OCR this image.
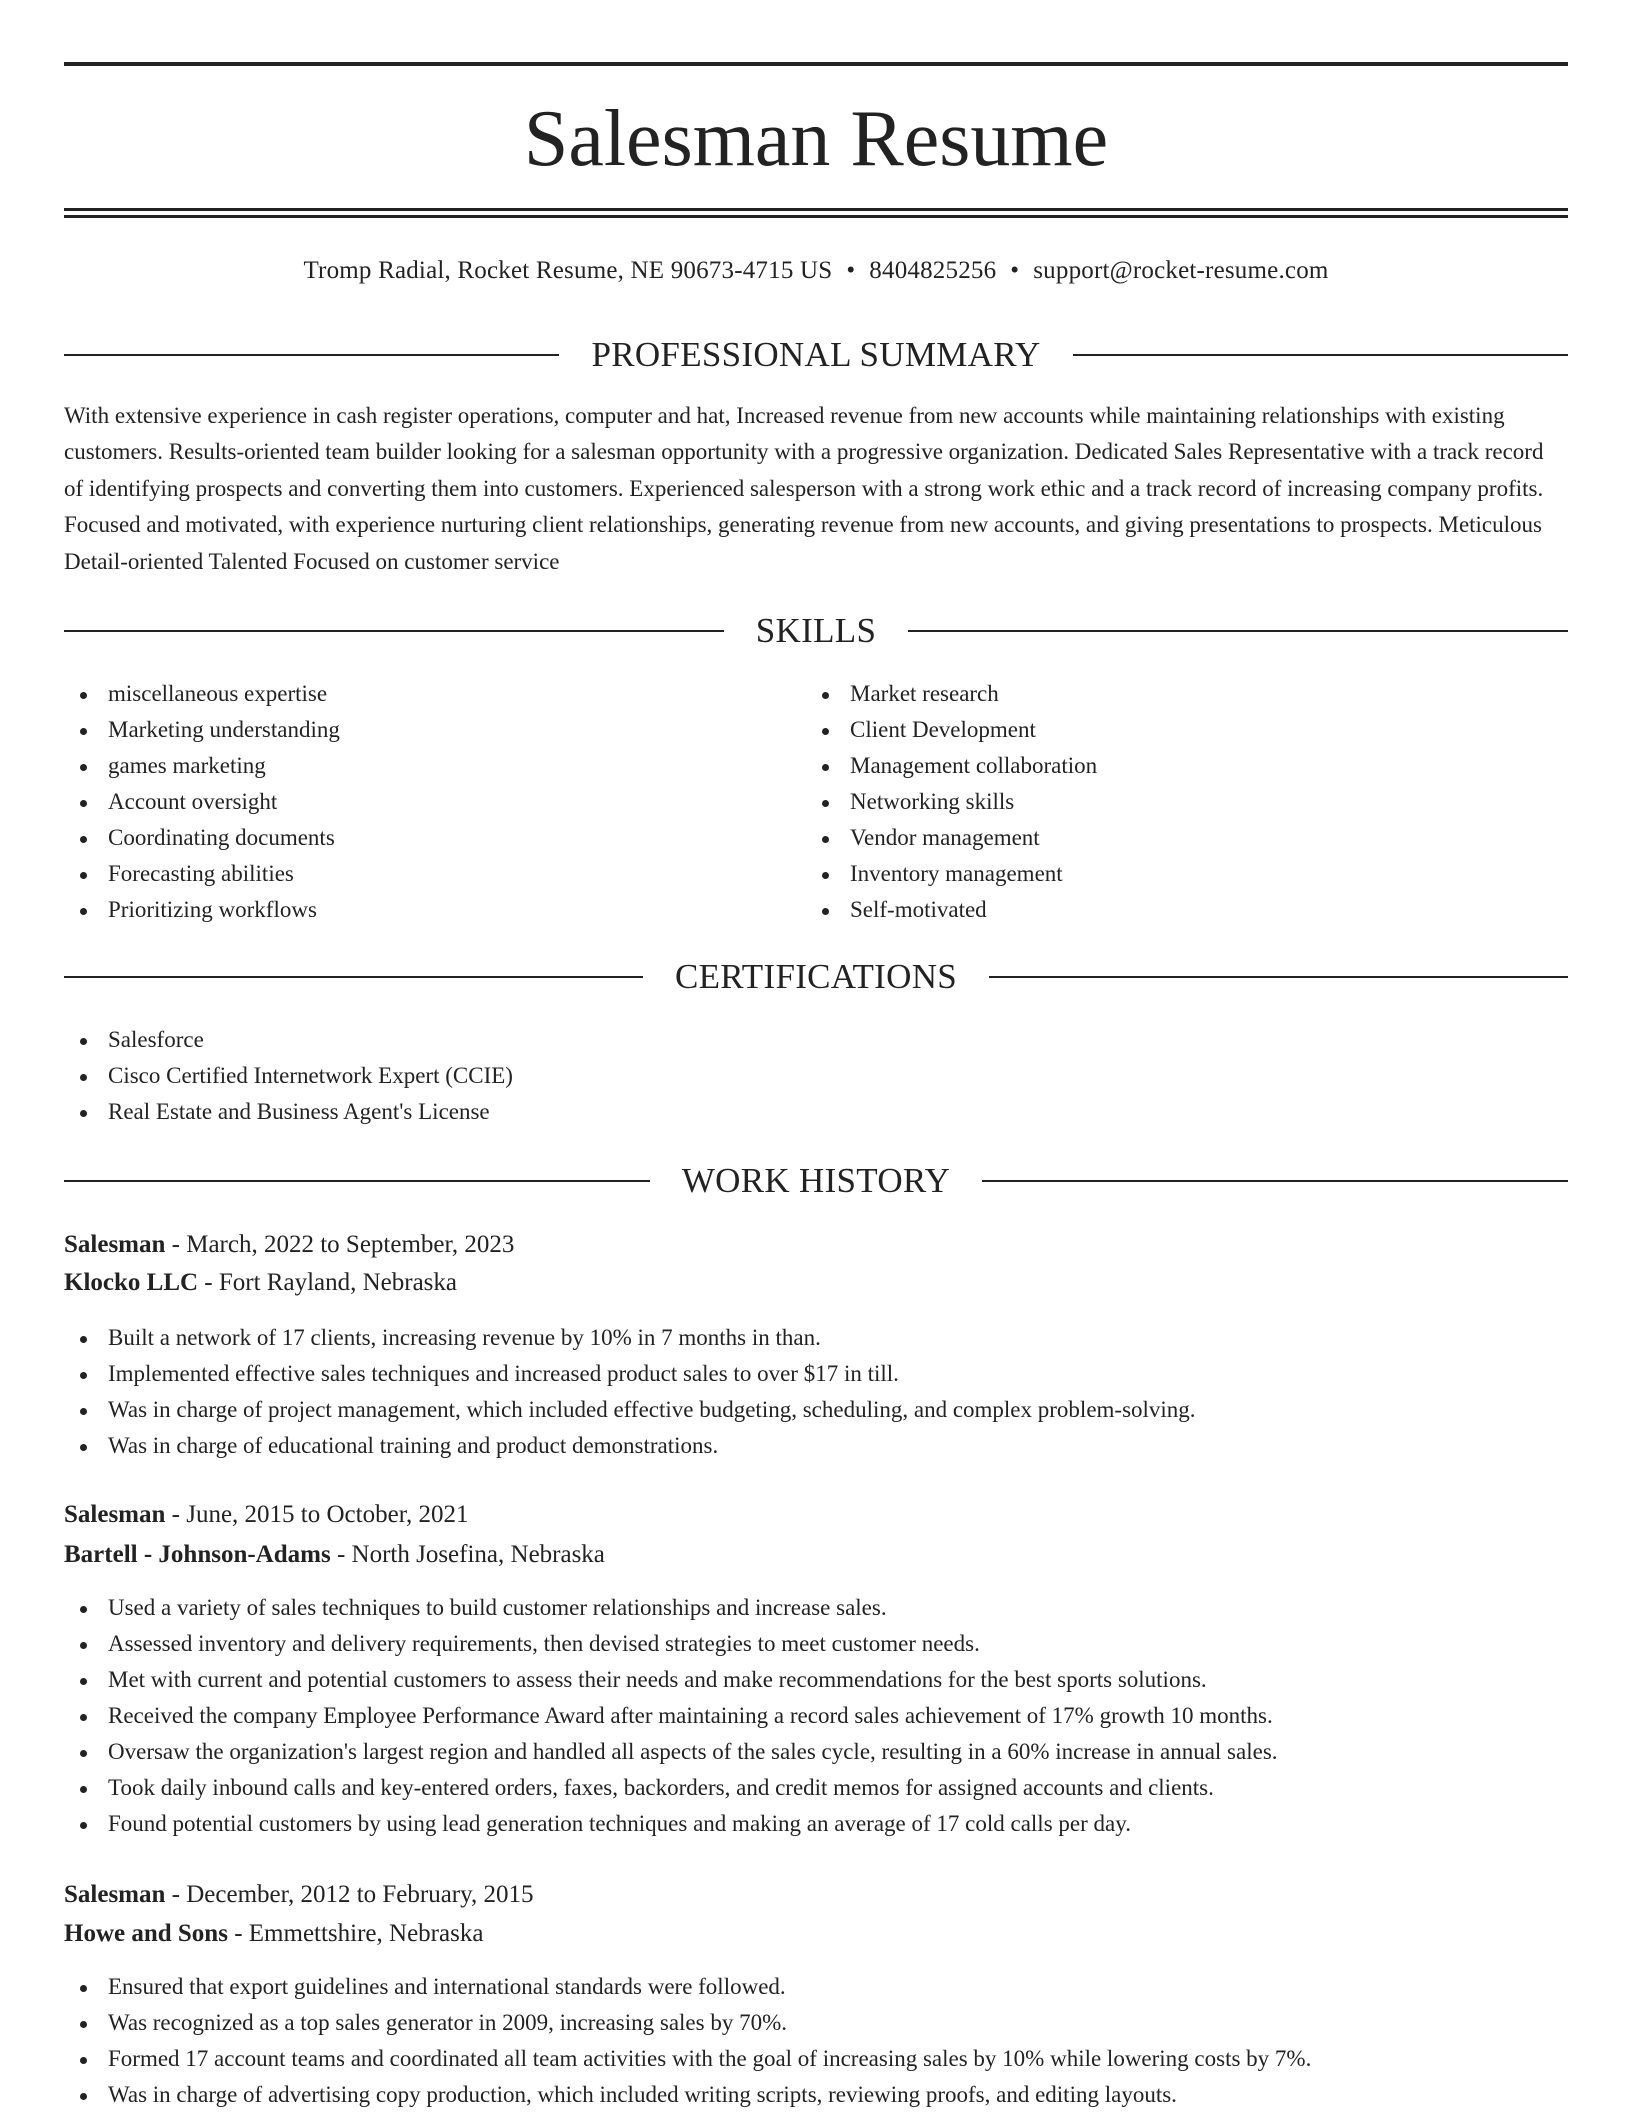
Salesman Resume
Tromp Radial, Rocket Resume, NE 90673-4715 US • 8404825256 • support@rocket-resume.com
PROFESSIONAL SUMMARY

With extensive experience in cash register operations, computer and hat, Increased revenue from new accounts while maintaining relationships with existing customers. Results-oriented team builder looking for a salesman opportunity with a progressive organization. Dedicated Sales Representative with a track record of identifying prospects and converting them into customers. Experienced salesperson with a strong work ethic and a track record of increasing company profits. Focused and motivated, with experience nurturing client relationships, generating revenue from new accounts, and giving presentations to prospects. Meticulous Detail-oriented Talented Focused on customer service

SKILLS
miscellaneous expertise
Marketing understanding
games marketing
Account oversight
Coordinating documents
Forecasting abilities
Prioritizing workflows
Market research
Client Development
Management collaboration
Networking skills
Vendor management
Inventory management
Self-motivated
CERTIFICATIONS
Salesforce
Cisco Certified Internetwork Expert (CCIE)
Real Estate and Business Agent's License
WORK HISTORY
Salesman - March, 2022 to September, 2023
Klocko LLC - Fort Rayland, Nebraska
Built a network of 17 clients, increasing revenue by 10% in 7 months in than.
Implemented effective sales techniques and increased product sales to over $17 in till.
Was in charge of project management, which included effective budgeting, scheduling, and complex problem-solving.
Was in charge of educational training and product demonstrations.
Salesman - June, 2015 to October, 2021
Bartell - Johnson-Adams - North Josefina, Nebraska
Used a variety of sales techniques to build customer relationships and increase sales.
Assessed inventory and delivery requirements, then devised strategies to meet customer needs.
Met with current and potential customers to assess their needs and make recommendations for the best sports solutions.
Received the company Employee Performance Award after maintaining a record sales achievement of 17% growth 10 months.
Oversaw the organization's largest region and handled all aspects of the sales cycle, resulting in a 60% increase in annual sales.
Took daily inbound calls and key-entered orders, faxes, backorders, and credit memos for assigned accounts and clients.
Found potential customers by using lead generation techniques and making an average of 17 cold calls per day.
Salesman - December, 2012 to February, 2015
Howe and Sons - Emmettshire, Nebraska
Ensured that export guidelines and international standards were followed.
Was recognized as a top sales generator in 2009, increasing sales by 70%.
Formed 17 account teams and coordinated all team activities with the goal of increasing sales by 10% while lowering costs by 7%.
Was in charge of advertising copy production, which included writing scripts, reviewing proofs, and editing layouts.
